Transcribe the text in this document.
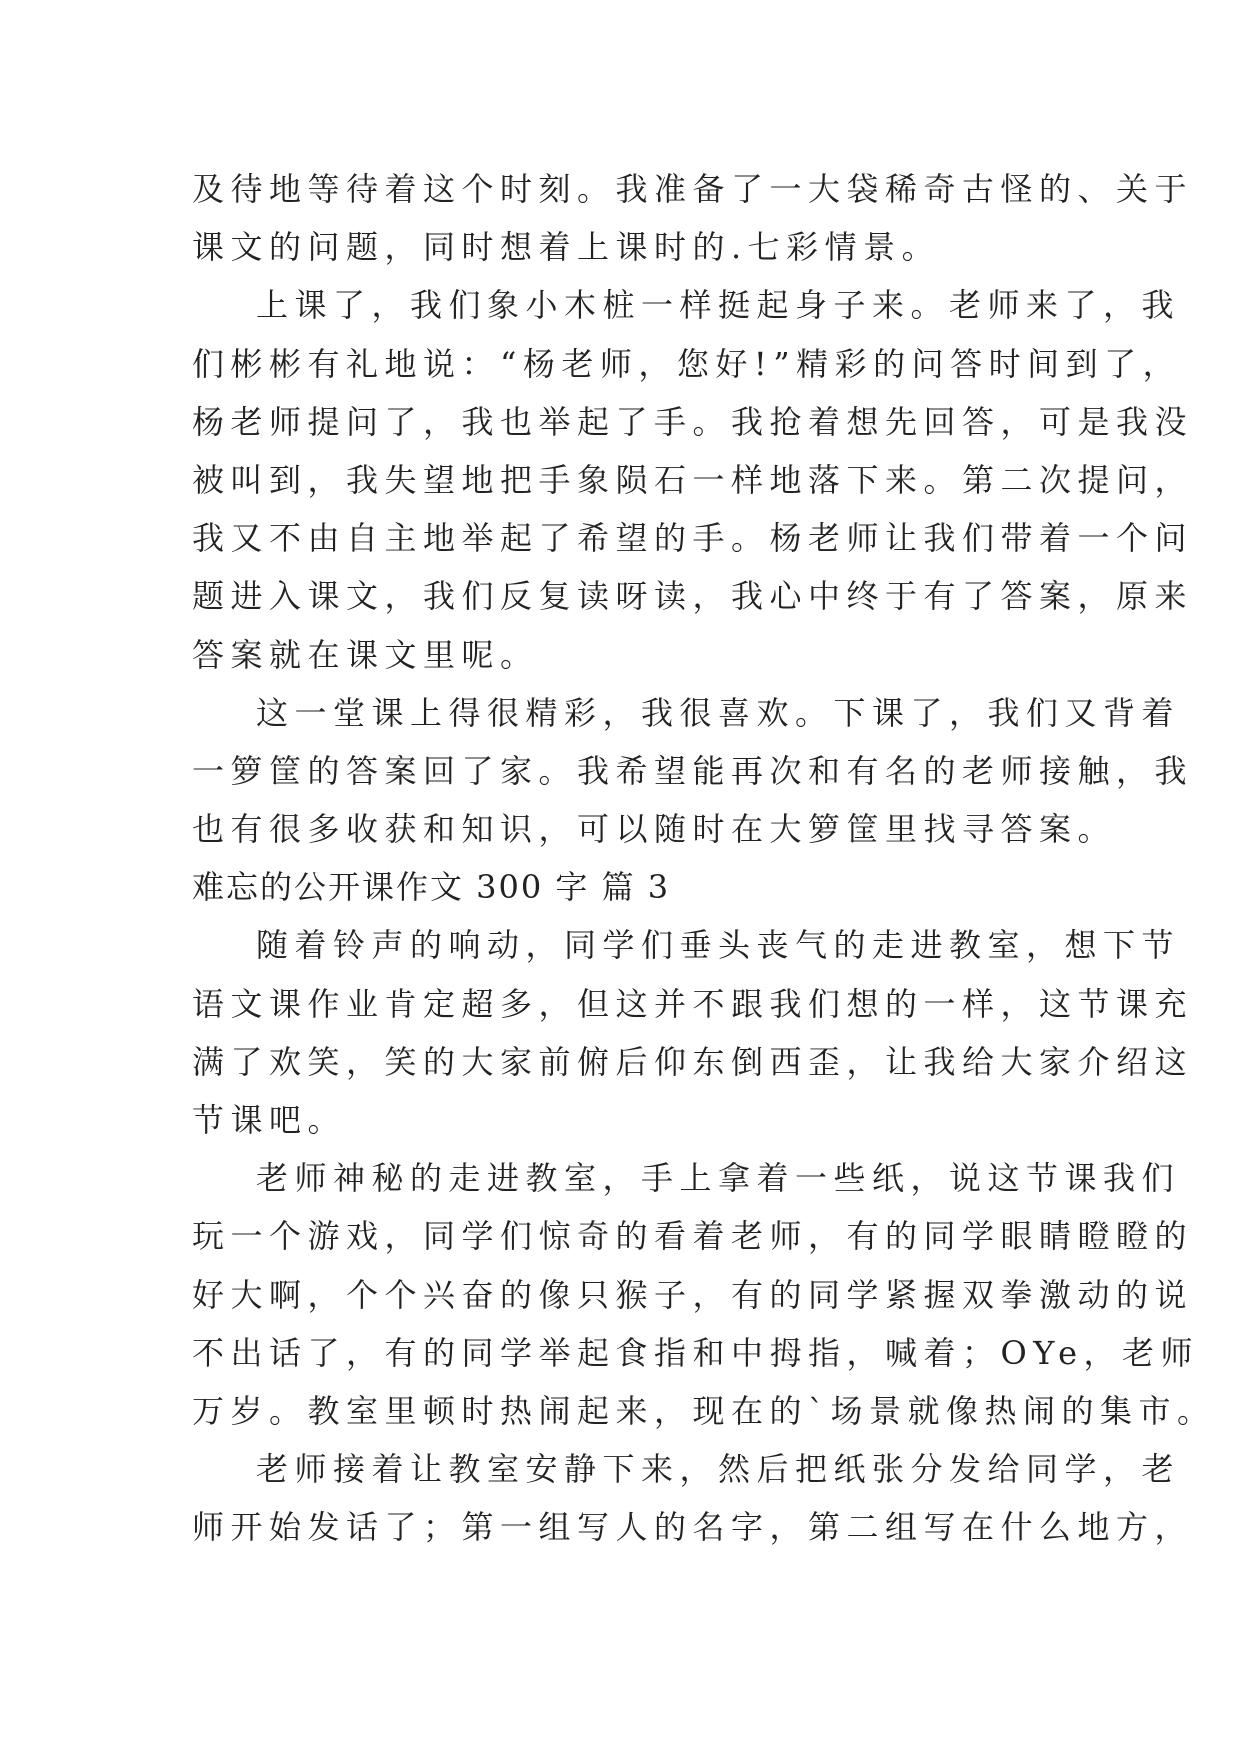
及待地等待着这个时刻。我准备了一大袋稀奇古怪的、关于
课文的问题，同时想着上课时的.七彩情景。
上课了，我们象小木桩一样挺起身子来。老师来了，我
们彬彬有礼地说：“杨老师，您好!”精彩的问答时间到了，
杨老师提问了，我也举起了手。我抢着想先回答，可是我没
被叫到，我失望地把手象陨石一样地落下来。第二次提问，
我又不由自主地举起了希望的手。杨老师让我们带着一个问
题进入课文，我们反复读呀读，我心中终于有了答案，原来
答案就在课文里呢。
这一堂课上得很精彩，我很喜欢。下课了，我们又背着
一箩筐的答案回了家。我希望能再次和有名的老师接触，我
也有很多收获和知识，可以随时在大箩筐里找寻答案。
难忘的公开课作文 300 字 篇 3
随着铃声的响动，同学们垂头丧气的走进教室，想下节
语文课作业肯定超多，但这并不跟我们想的一样，这节课充
满了欢笑，笑的大家前俯后仰东倒西歪，让我给大家介绍这
节课吧。
老师神秘的走进教室，手上拿着一些纸，说这节课我们
玩一个游戏，同学们惊奇的看着老师，有的同学眼睛瞪瞪的
好大啊，个个兴奋的像只猴子，有的同学紧握双拳激动的说
不出话了，有的同学举起食指和中拇指，喊着；OYe，老师
万岁。教室里顿时热闹起来，现在的`场景就像热闹的集市。
老师接着让教室安静下来，然后把纸张分发给同学，老
师开始发话了；第一组写人的名字，第二组写在什么地方，
